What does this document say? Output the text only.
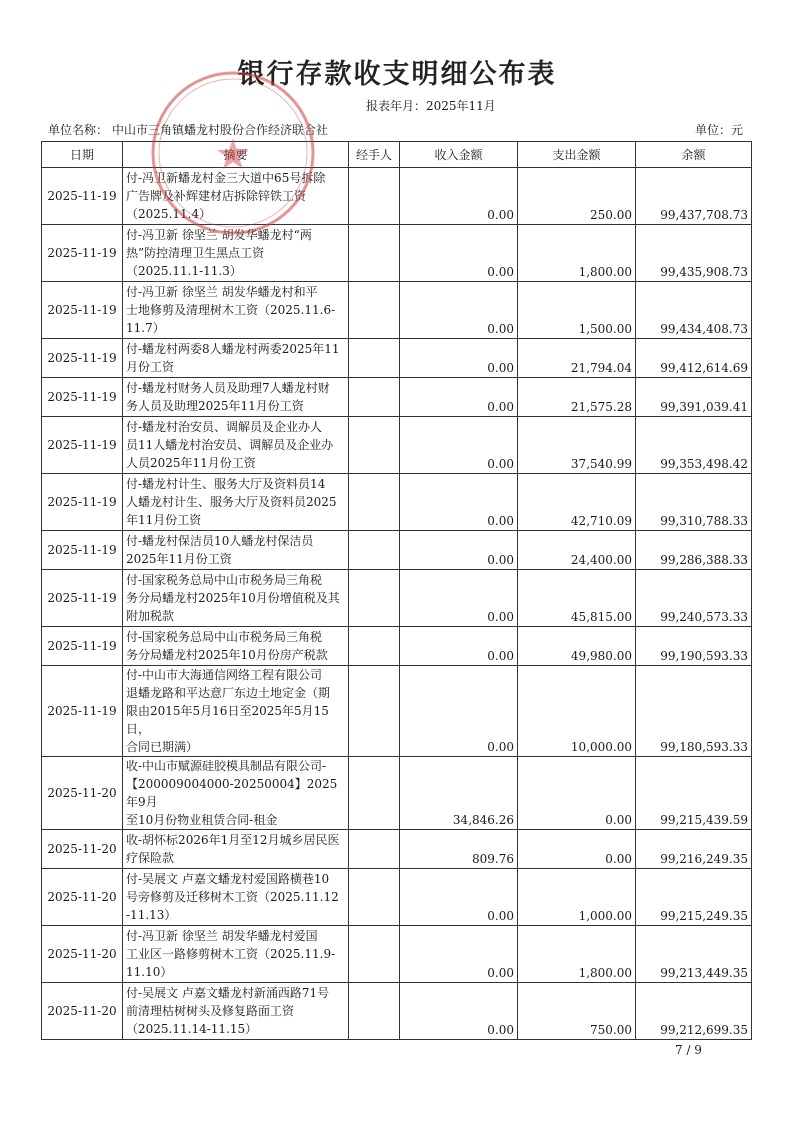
银行存款收支明细公布表
报表年月：2025年11月
单位名称： 中山市三角镇蟠龙村股份合作经济联合社	单位：元
日期	摘要	经手人	收入金额	支出金额	余额
2025-11-19	付-冯卫新蟠龙村金三大道中65号拆除
广告牌及补辉建材店拆除锌铁工资
（2025.11.4）		0.00	250.00	99,437,708.73
2025-11-19	付-冯卫新 徐坚兰 胡发华蟠龙村“两
热”防控清理卫生黑点工资
（2025.11.1-11.3）		0.00	1,800.00	99,435,908.73
2025-11-19	付-冯卫新 徐坚兰 胡发华蟠龙村和平
士地修剪及清理树木工资（2025.11.6-
11.7）		0.00	1,500.00	99,434,408.73
2025-11-19	付-蟠龙村两委8人蟠龙村两委2025年11
月份工资		0.00	21,794.04	99,412,614.69
2025-11-19	付-蟠龙村财务人员及助理7人蟠龙村财
务人员及助理2025年11月份工资		0.00	21,575.28	99,391,039.41
2025-11-19	付-蟠龙村治安员、调解员及企业办人
员11人蟠龙村治安员、调解员及企业办
人员2025年11月份工资		0.00	37,540.99	99,353,498.42
2025-11-19	付-蟠龙村计生、服务大厅及资料员14
人蟠龙村计生、服务大厅及资料员2025
年11月份工资		0.00	42,710.09	99,310,788.33
2025-11-19	付-蟠龙村保洁员10人蟠龙村保洁员
2025年11月份工资		0.00	24,400.00	99,286,388.33
2025-11-19	付-国家税务总局中山市税务局三角税
务分局蟠龙村2025年10月份增值税及其
附加税款		0.00	45,815.00	99,240,573.33
2025-11-19	付-国家税务总局中山市税务局三角税
务分局蟠龙村2025年10月份房产税款		0.00	49,980.00	99,190,593.33
2025-11-19	付-中山市大海通信网络工程有限公司
退蟠龙路和平达意厂东边土地定金（期
限由2015年5月16日至2025年5月15日，
合同已期满）		0.00	10,000.00	99,180,593.33
2025-11-20	收-中山市赋源硅胶模具制品有限公司-
【200009004000-20250004】2025年9月
至10月份物业租赁合同-租金		34,846.26	0.00	99,215,439.59
2025-11-20	收-胡怀标2026年1月至12月城乡居民医
疗保险款		809.76	0.00	99,216,249.35
2025-11-20	付-吴展文 卢嘉文蟠龙村爱国路横巷10
号旁修剪及迁移树木工资（2025.11.12
-11.13）		0.00	1,000.00	99,215,249.35
2025-11-20	付-冯卫新 徐坚兰 胡发华蟠龙村爱国
工业区一路修剪树木工资（2025.11.9-
11.10）		0.00	1,800.00	99,213,449.35
2025-11-20	付-吴展文 卢嘉文蟠龙村新涌西路71号
前清理枯树树头及修复路面工资
（2025.11.14-11.15）		0.00	750.00	99,212,699.35
7 / 9
